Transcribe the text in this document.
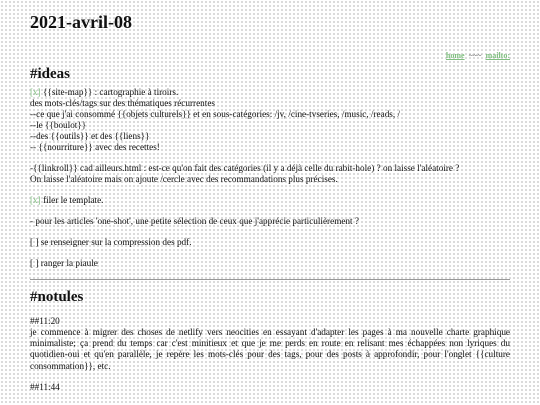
2021-avril-08
home ~~~ mailto:
#ideas

[x] {{site-map}} : cartographie à tiroirs.

des mots-clés/tags sur des thématiques récurrentes

--ce que j'ai consommé {{objets culturels}} et en sous-catégories: /jv, /cine-tvseries, /music, /reads, /

--le {{boulot}}

--des {{outils}} et des {{liens}}

-- {{nourriture}} avec des recettes!

-{{linkroll}} cad ailleurs.html : est-ce qu'on fait des catégories (il y a déjà celle du rabit-hole) ? on laisse l'aléatoire ?

On laisse l'aléatoire mais on ajoute /cercle avec des recommandations plus précises.

[x] filer le template.

- pour les articles 'one-shot', une petite sélection de ceux que j'apprécie particulièrement ?

[ ] se renseigner sur la compression des pdf.

[ ] ranger la piaule

#notules

##11:20

je commence à migrer des choses de netlify vers neocities en essayant d'adapter les pages à ma nouvelle charte graphique minimaliste; ça prend du temps car c'est minitieux et que je me perds en route en relisant mes échappées non lyriques du quotidien-oui et qu'en parallèle, je repère les mots-clés pour des tags, pour des posts à approfondir, pour l'onglet {{culture consommation}}, etc.

##11:44
